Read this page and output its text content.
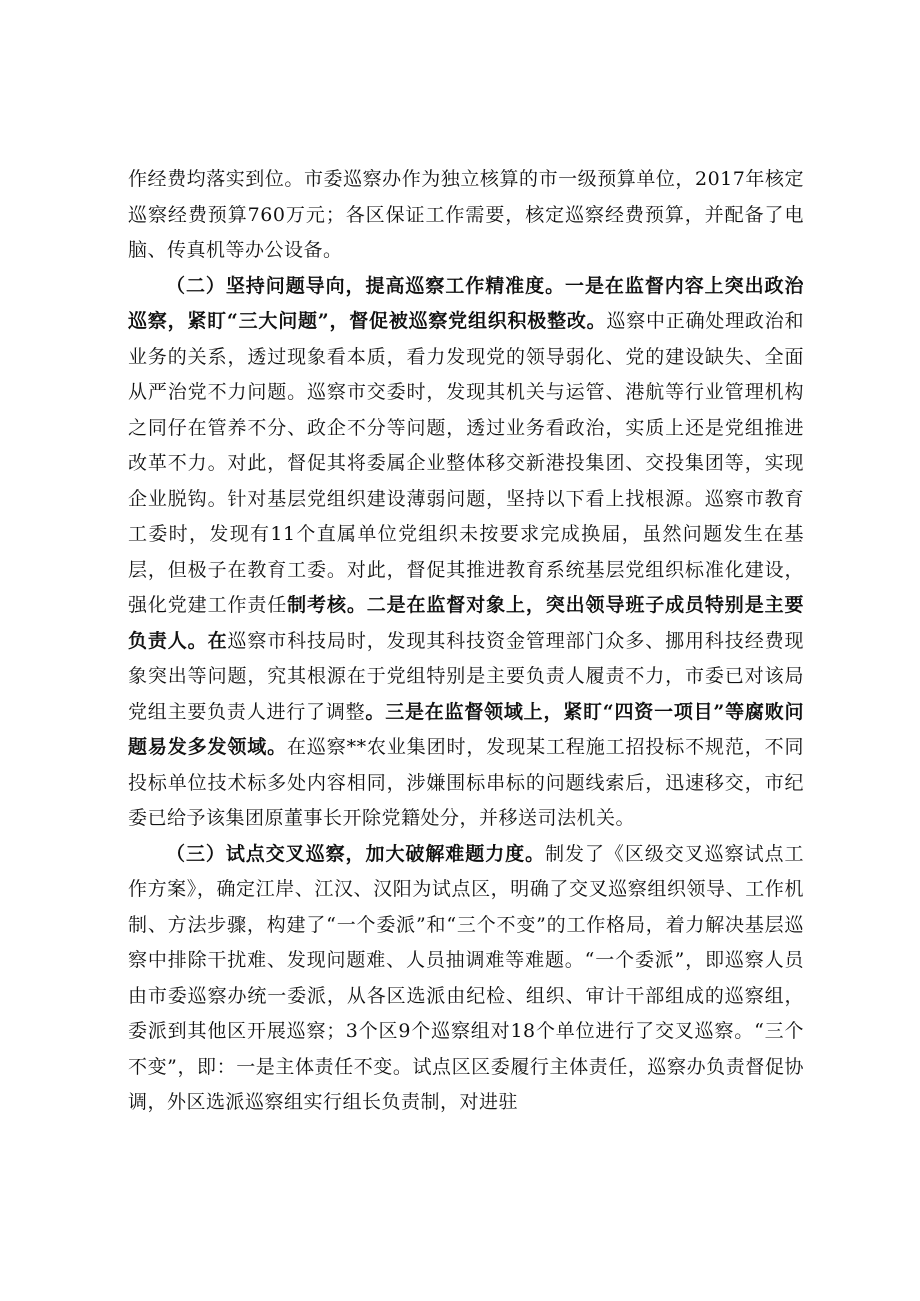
作经费均落实到位。市委巡察办作为独立核算的市一级预算单位，2017年核定巡察经费预算760万元；各区保证工作需要，核定巡察经费预算，并配备了电脑、传真机等办公设备。

（二）坚持问题导向，提高巡察工作精准度。一是在监督内容上突出政治巡察，紧盯“三大问题”，督促被巡察党组织积极整改。巡察中正确处理政治和业务的关系，透过现象看本质，看力发现党的领导弱化、党的建设缺失、全面从严治党不力问题。巡察市交委时，发现其机关与运管、港航等行业管理机构之同仔在管养不分、政企不分等问题，透过业务看政治，实质上还是党组推进改革不力。对此，督促其将委属企业整体移交新港投集团、交投集团等，实现企业脱钩。针对基层党组织建设薄弱问题，坚持以下看上找根源。巡察市教育工委时，发现有11个直属单位党组织未按要求完成换届，虽然问题发生在基层，但极子在教育工委。对此，督促其推进教育系统基层党组织标准化建设，强化党建工作责任制考核。二是在监督对象上，突出领导班子成员特别是主要负责人。在巡察市科技局时，发现其科技资金管理部门众多、挪用科技经费现象突出等问题，究其根源在于党组特别是主要负责人履责不力，市委已对该局党组主要负责人进行了调整。三是在监督领域上，紧盯“四资一项目”等腐败问题易发多发领域。在巡察**农业集团时，发现某工程施工招投标不规范，不同投标单位技术标多处内容相同，涉嫌围标串标的问题线索后，迅速移交，市纪委已给予该集团原董事长开除党籍处分，并移送司法机关。

（三）试点交叉巡察，加大破解难题力度。制发了《区级交叉巡察试点工作方案》，确定江岸、江汉、汉阳为试点区，明确了交叉巡察组织领导、工作机制、方法步骤，构建了“一个委派”和“三个不变”的工作格局，着力解决基层巡察中排除干扰难、发现问题难、人员抽调难等难题。“一个委派”，即巡察人员由市委巡察办统一委派，从各区选派由纪检、组织、审计干部组成的巡察组，委派到其他区开展巡察；3个区9个巡察组对18个单位进行了交叉巡察。“三个不变”，即：一是主体责任不变。试点区区委履行主体责任，巡察办负责督促协调，外区选派巡察组实行组长负责制，对进驻
